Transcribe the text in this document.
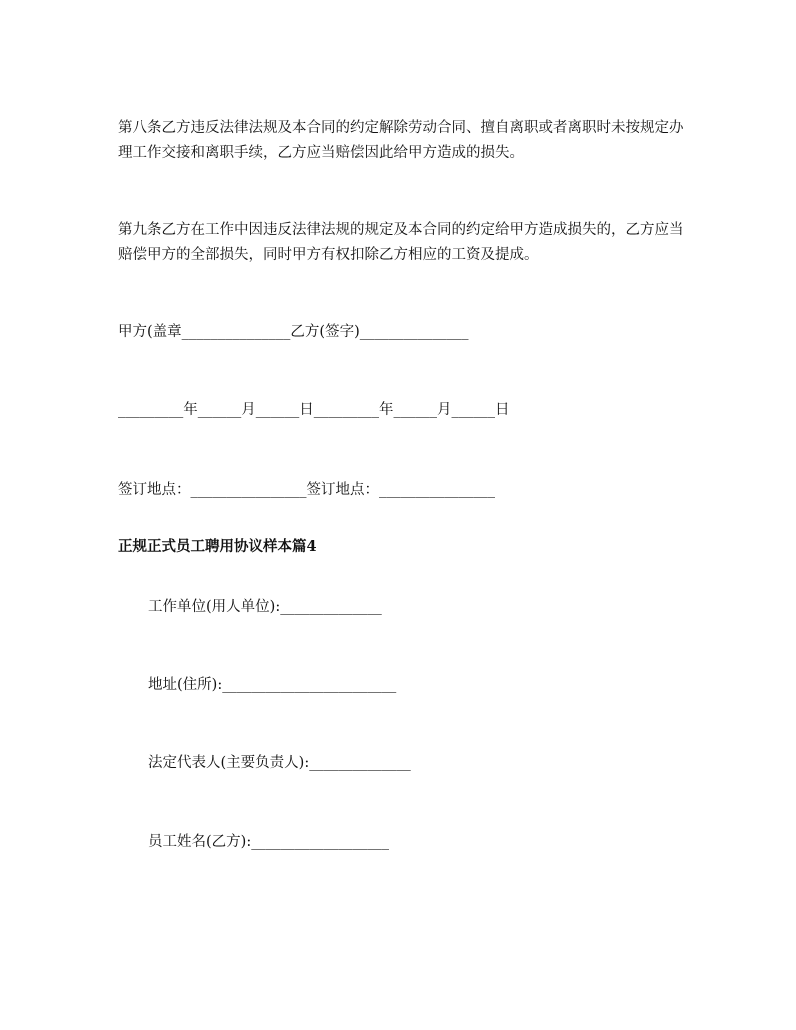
第八条乙方违反法律法规及本合同的约定解除劳动合同、擅自离职或者离职时未按规定办理工作交接和离职手续，乙方应当赔偿因此给甲方造成的损失。

第九条乙方在工作中因违反法律法规的规定及本合同的约定给甲方造成损失的，乙方应当赔偿甲方的全部损失，同时甲方有权扣除乙方相应的工资及提成。

甲方(盖章_______________乙方(签字)_______________

_________年______月______日_________年______月______日

签订地点：________________签订地点：________________

正规正式员工聘用协议样本篇4

工作单位(用人单位):______________

地址(住所):________________________

法定代表人(主要负责人):______________

员工姓名(乙方):___________________
